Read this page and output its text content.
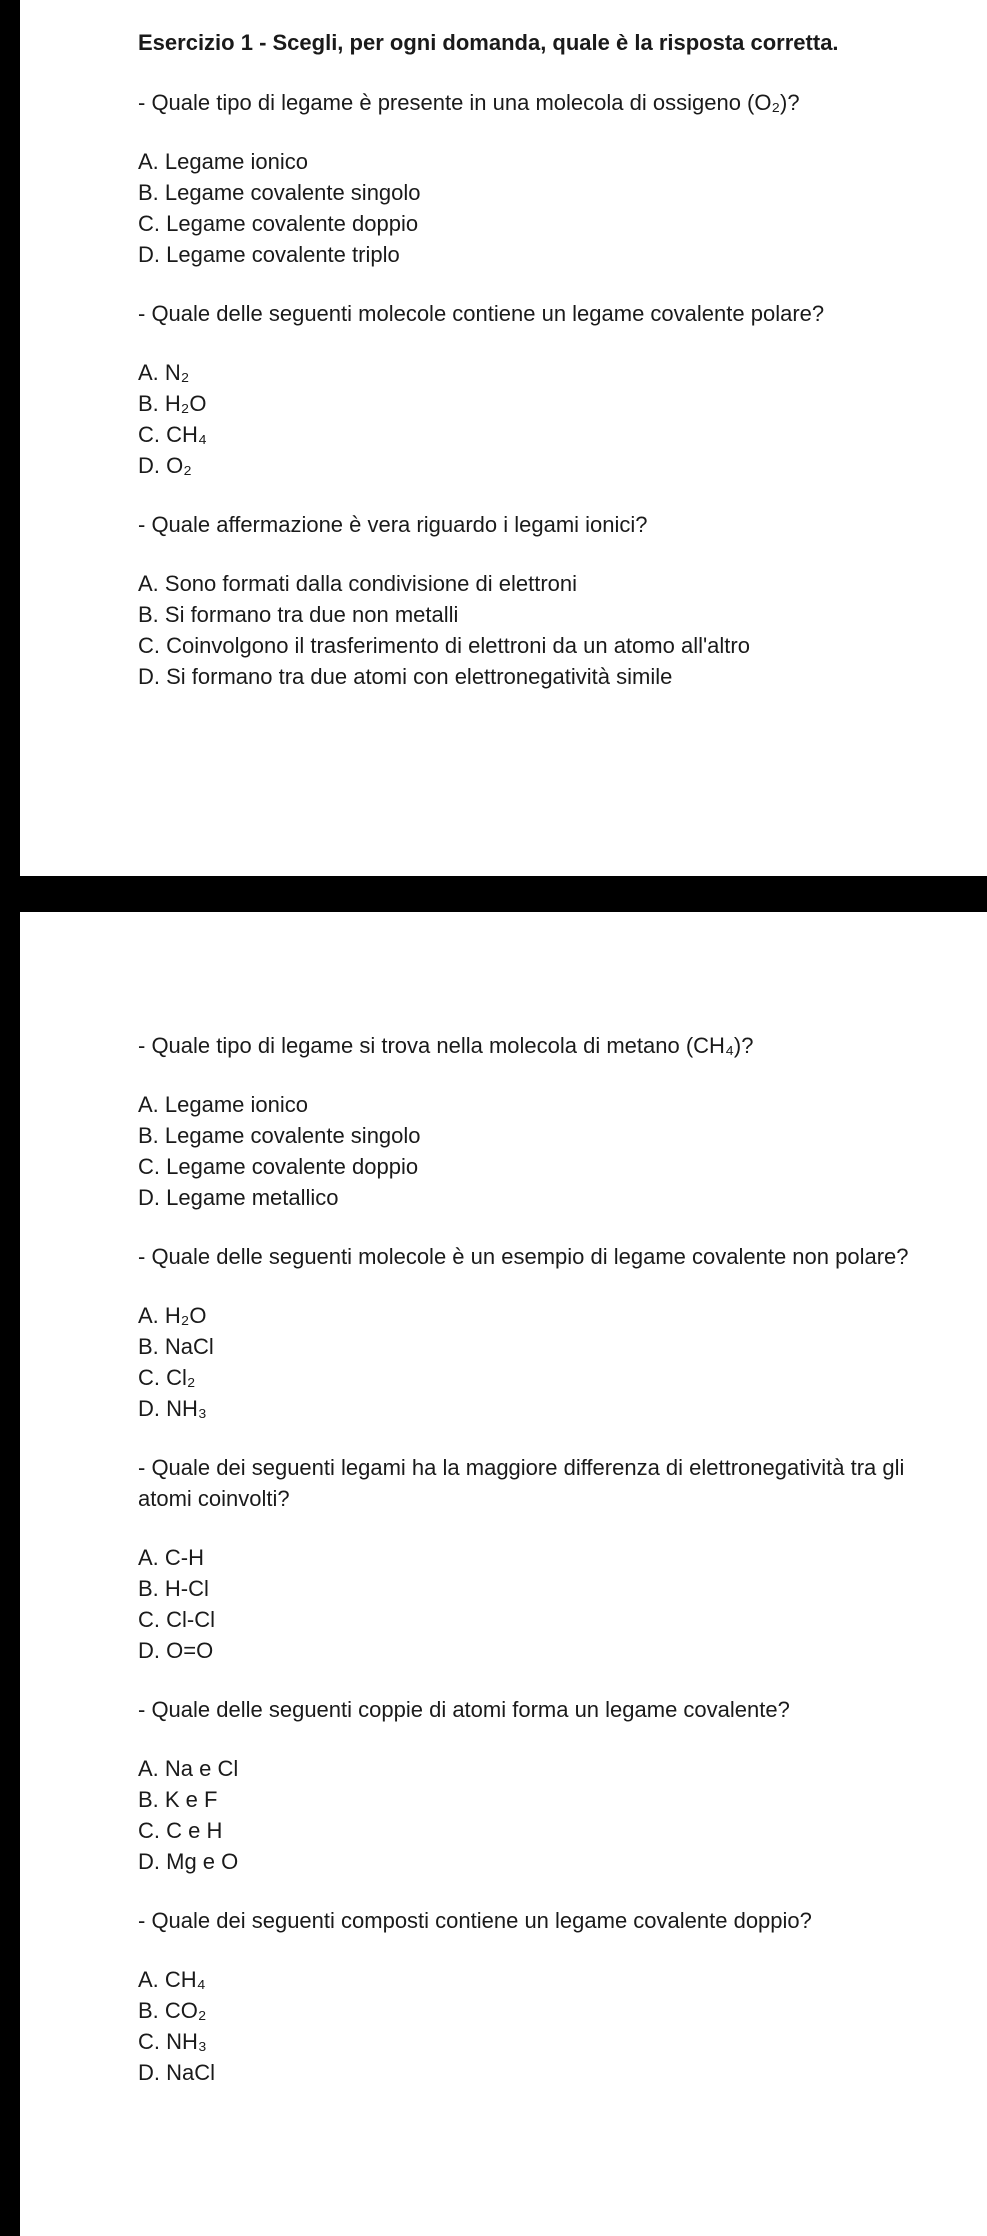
Esercizio 1 - Scegli, per ogni domanda, quale è la risposta corretta.
- Quale tipo di legame è presente in una molecola di ossigeno (O₂)?
A. Legame ionico
B. Legame covalente singolo
C. Legame covalente doppio
D. Legame covalente triplo
- Quale delle seguenti molecole contiene un legame covalente polare?
A. N₂
B. H₂O
C. CH₄
D. O₂
- Quale affermazione è vera riguardo i legami ionici?
A. Sono formati dalla condivisione di elettroni
B. Si formano tra due non metalli
C. Coinvolgono il trasferimento di elettroni da un atomo all'altro
D. Si formano tra due atomi con elettronegatività simile
- Quale tipo di legame si trova nella molecola di metano (CH₄)?
A. Legame ionico
B. Legame covalente singolo
C. Legame covalente doppio
D. Legame metallico
- Quale delle seguenti molecole è un esempio di legame covalente non polare?
A. H₂O
B. NaCl
C. Cl₂
D. NH₃
- Quale dei seguenti legami ha la maggiore differenza di elettronegatività tra gli atomi coinvolti?
A. C-H
B. H-Cl
C. Cl-Cl
D. O=O
- Quale delle seguenti coppie di atomi forma un legame covalente?
A. Na e Cl
B. K e F
C. C e H
D. Mg e O
- Quale dei seguenti composti contiene un legame covalente doppio?
A. CH₄
B. CO₂
C. NH₃
D. NaCl
